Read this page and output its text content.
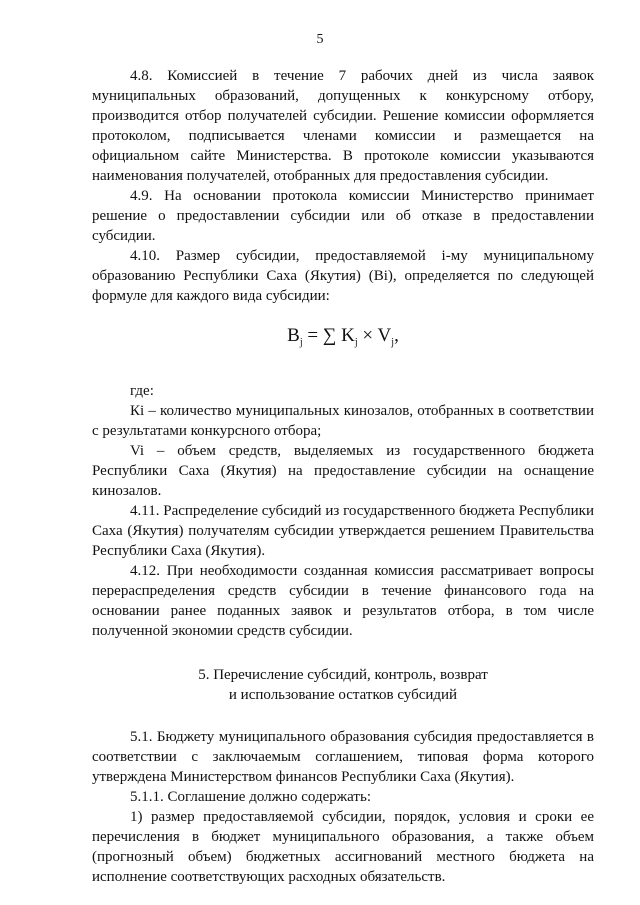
5

4.8. Комиссией в течение 7 рабочих дней из числа заявок муниципальных образований, допущенных к конкурсному отбору, производится отбор получателей субсидии. Решение комиссии оформляется протоколом, подписывается членами комиссии и размещается на официальном сайте Министерства. В протоколе комиссии указываются наименования получателей, отобранных для предоставления субсидии.

4.9. На основании протокола комиссии Министерство принимает решение о предоставлении субсидии или об отказе в предоставлении субсидии.

4.10. Размер субсидии, предоставляемой i-му муниципальному образованию Республики Саха (Якутия) (Bi), определяется по следующей формуле для каждого вида субсидии:

$B_j$ = ∑ $K_j \times V_j$,

где:

Кi – количество муниципальных кинозалов, отобранных в соответствии с результатами конкурсного отбора;

Vi – объем средств, выделяемых из государственного бюджета Республики Саха (Якутия) на предоставление субсидии на оснащение кинозалов.

4.11. Распределение субсидий из государственного бюджета Республики Саха (Якутия) получателям субсидии утверждается решением Правительства Республики Саха (Якутия).

4.12. При необходимости созданная комиссия рассматривает вопросы перераспределения средств субсидии в течение финансового года на основании ранее поданных заявок и результатов отбора, в том числе полученной экономии средств субсидии.

5. Перечисление субсидий, контроль, возврат
и использование остатков субсидий

5.1. Бюджету муниципального образования субсидия предоставляется в соответствии с заключаемым соглашением, типовая форма которого утверждена Министерством финансов Республики Саха (Якутия).

5.1.1. Соглашение должно содержать:

1) размер предоставляемой субсидии, порядок, условия и сроки ее перечисления в бюджет муниципального образования, а также объем (прогнозный объем) бюджетных ассигнований местного бюджета на исполнение соответствующих расходных обязательств.
